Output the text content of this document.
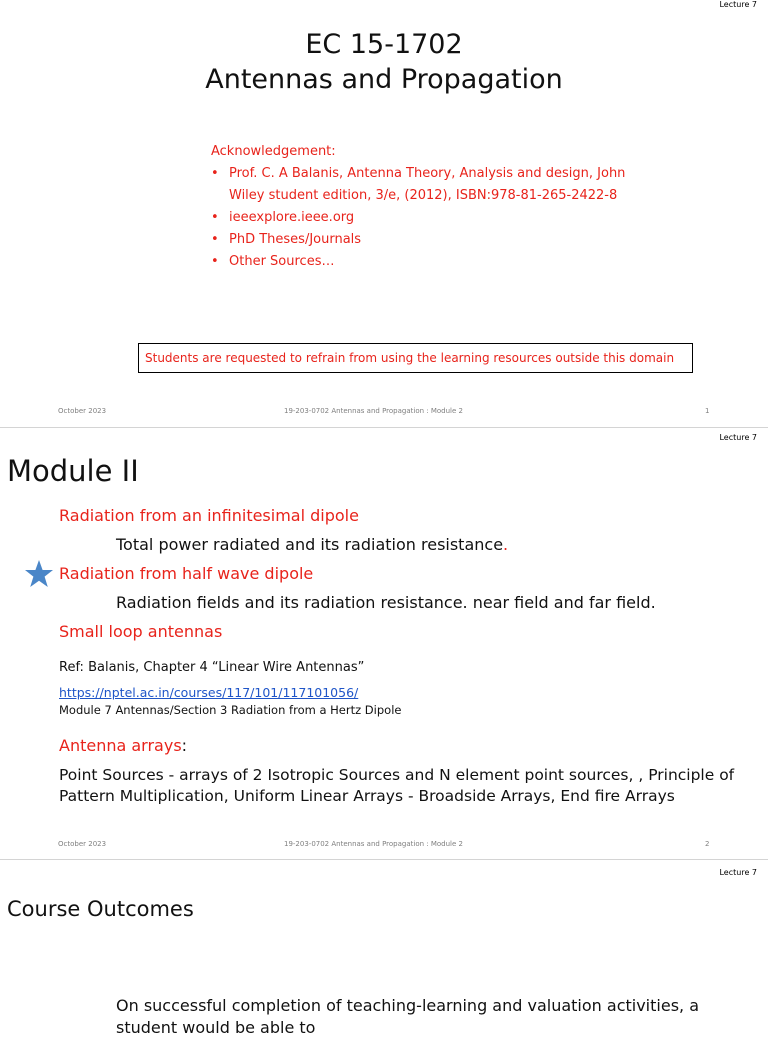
Lecture 7
EC 15-1702
Antennas and Propagation
Acknowledgement:
• Prof. C. A Balanis, Antenna Theory, Analysis and design, John Wiley student edition, 3/e, (2012), ISBN:978-81-265-2422-8
• ieeexplore.ieee.org
• PhD Theses/Journals
• Other Sources…
Students are requested to refrain from using the learning resources outside this domain
October 2023	19-203-0702 Antennas and Propagation : Module 2	1
Lecture 7
Module II
Radiation from an infinitesimal dipole
Total power radiated and its radiation resistance.
Radiation from half wave dipole
Radiation fields and its radiation resistance. near field and far field.
Small loop antennas
Ref: Balanis, Chapter 4 “Linear Wire Antennas”
https://nptel.ac.in/courses/117/101/117101056/
Module 7 Antennas/Section 3 Radiation from a Hertz Dipole
Antenna arrays:
Point Sources - arrays of 2 Isotropic Sources and N element point sources, , Principle of Pattern Multiplication, Uniform Linear Arrays - Broadside Arrays, End fire Arrays
October 2023	19-203-0702 Antennas and Propagation : Module 2	2
Lecture 7
Course Outcomes
On successful completion of teaching-learning and valuation activities, a student would be able to
